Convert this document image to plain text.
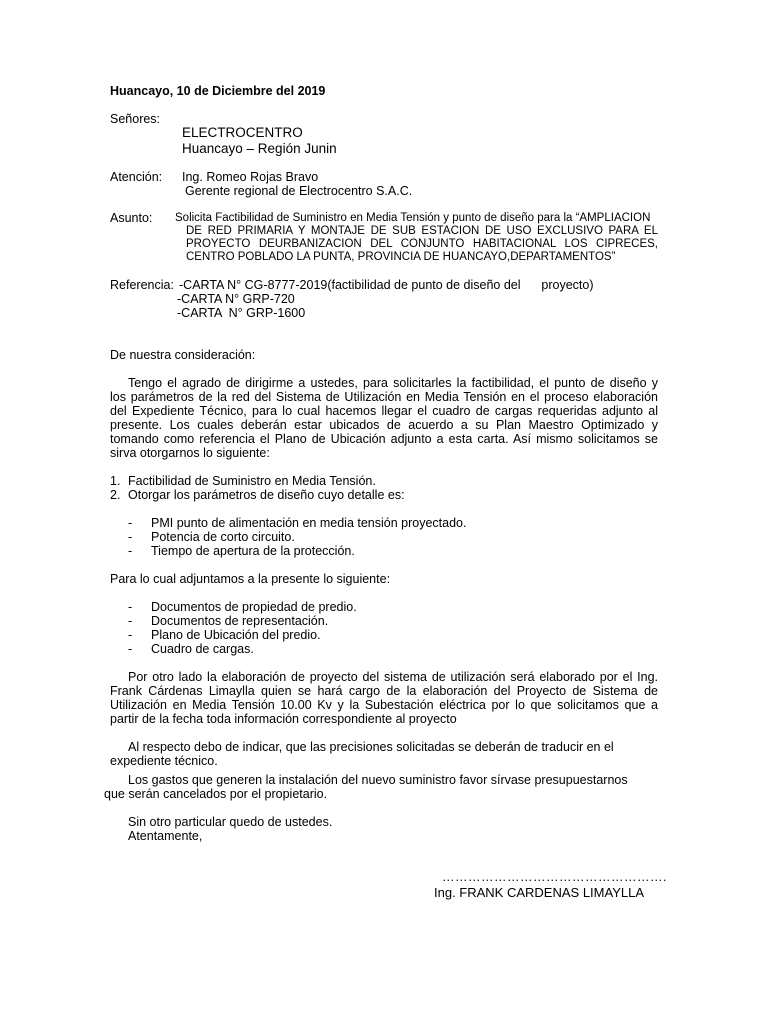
Huancayo, 10 de Diciembre del 2019
Señores:
ELECTROCENTRO
Huancayo – Región Junin
Atención: Ing. Romeo Rojas Bravo
Gerente regional de Electrocentro S.A.C.
Asunto: Solicita Factibilidad de Suministro en Media Tensión y punto de diseño para la “AMPLIACION
DE RED PRIMARIA Y MONTAJE DE SUB ESTACION DE USO EXCLUSIVO PARA EL
PROYECTO DEURBANIZACION DEL CONJUNTO HABITACIONAL LOS CIPRECES,
CENTRO POBLADO LA PUNTA, PROVINCIA DE HUANCAYO,DEPARTAMENTOS”
Referencia: -CARTA N° CG-8777-2019(factibilidad de punto de diseño del      proyecto)
-CARTA N° GRP-720
-CARTA  N° GRP-1600
De nuestra consideración:
Tengo el agrado de dirigirme a ustedes, para solicitarles la factibilidad, el punto de diseño y
los parámetros de la red del Sistema de Utilización en Media Tensión en el proceso elaboración
del Expediente Técnico, para lo cual hacemos llegar el cuadro de cargas requeridas adjunto al
presente. Los cuales deberán estar ubicados de acuerdo a su Plan Maestro Optimizado y
tomando como referencia el Plano de Ubicación adjunto a esta carta. Así mismo solicitamos se
sirva otorgarnos lo siguiente:
1. Factibilidad de Suministro en Media Tensión.
2. Otorgar los parámetros de diseño cuyo detalle es:
- PMI punto de alimentación en media tensión proyectado.
- Potencia de corto circuito.
- Tiempo de apertura de la protección.
Para lo cual adjuntamos a la presente lo siguiente:
- Documentos de propiedad de predio.
- Documentos de representación.
- Plano de Ubicación del predio.
- Cuadro de cargas.
Por otro lado la elaboración de proyecto del sistema de utilización será elaborado por el Ing.
Frank Cárdenas Limaylla quien se hará cargo de la elaboración del Proyecto de Sistema de
Utilización en Media Tensión 10.00 Kv y la Subestación eléctrica por lo que solicitamos que a
partir de la fecha toda información correspondiente al proyecto
Al respecto debo de indicar, que las precisiones solicitadas se deberán de traducir en el
expediente técnico.
Los gastos que generen la instalación del nuevo suministro favor sírvase presupuestarnos
que serán cancelados por el propietario.
Sin otro particular quedo de ustedes.
Atentamente,
…………………………………………….
Ing. FRANK CARDENAS LIMAYLLA
